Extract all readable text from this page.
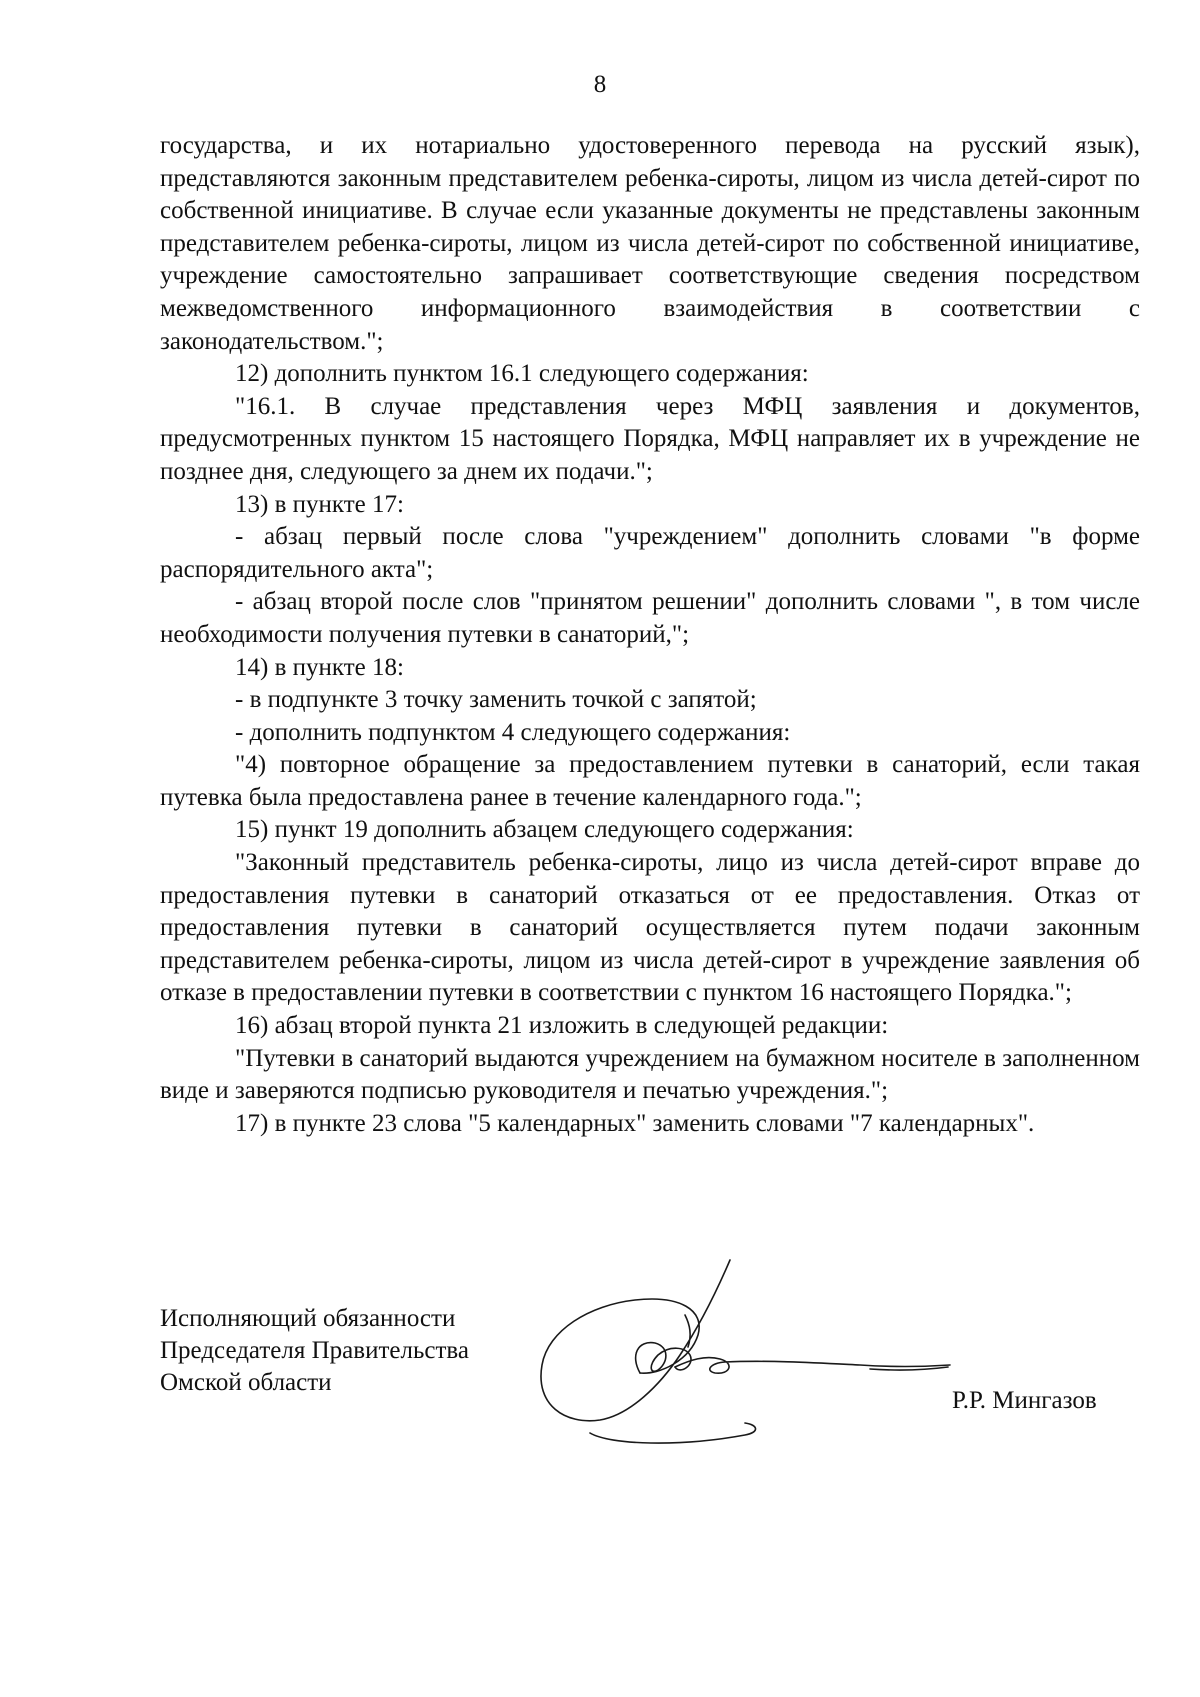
8

государства, и их нотариально удостоверенного перевода на русский язык), представляются законным представителем ребенка-сироты, лицом из числа детей-сирот по собственной инициативе. В случае если указанные документы не представлены законным представителем ребенка-сироты, лицом из числа детей-сирот по собственной инициативе, учреждение самостоятельно запрашивает соответствующие сведения посредством межведомственного информационного взаимодействия в соответствии с законодательством.";

12) дополнить пунктом 16.1 следующего содержания:

"16.1. В случае представления через МФЦ заявления и документов, предусмотренных пунктом 15 настоящего Порядка, МФЦ направляет их в учреждение не позднее дня, следующего за днем их подачи.";

13) в пункте 17:

- абзац первый после слова "учреждением" дополнить словами "в форме распорядительного акта";

- абзац второй после слов "принятом решении" дополнить словами ", в том числе необходимости получения путевки в санаторий,";

14) в пункте 18:

- в подпункте 3 точку заменить точкой с запятой;

- дополнить подпунктом 4 следующего содержания:

"4) повторное обращение за предоставлением путевки в санаторий, если такая путевка была предоставлена ранее в течение календарного года.";

15) пункт 19 дополнить абзацем следующего содержания:

"Законный представитель ребенка-сироты, лицо из числа детей-сирот вправе до предоставления путевки в санаторий отказаться от ее предоставления. Отказ от предоставления путевки в санаторий осуществляется путем подачи законным представителем ребенка-сироты, лицом из числа детей-сирот в учреждение заявления об отказе в предоставлении путевки в соответствии с пунктом 16 настоящего Порядка.";

16) абзац второй пункта 21 изложить в следующей редакции:

"Путевки в санаторий выдаются учреждением на бумажном носителе в заполненном виде и заверяются подписью руководителя и печатью учреждения.";

17) в пункте 23 слова "5 календарных" заменить словами "7 календарных".

Исполняющий обязанности
Председателя Правительства
Омской области
Р.Р. Мингазов
